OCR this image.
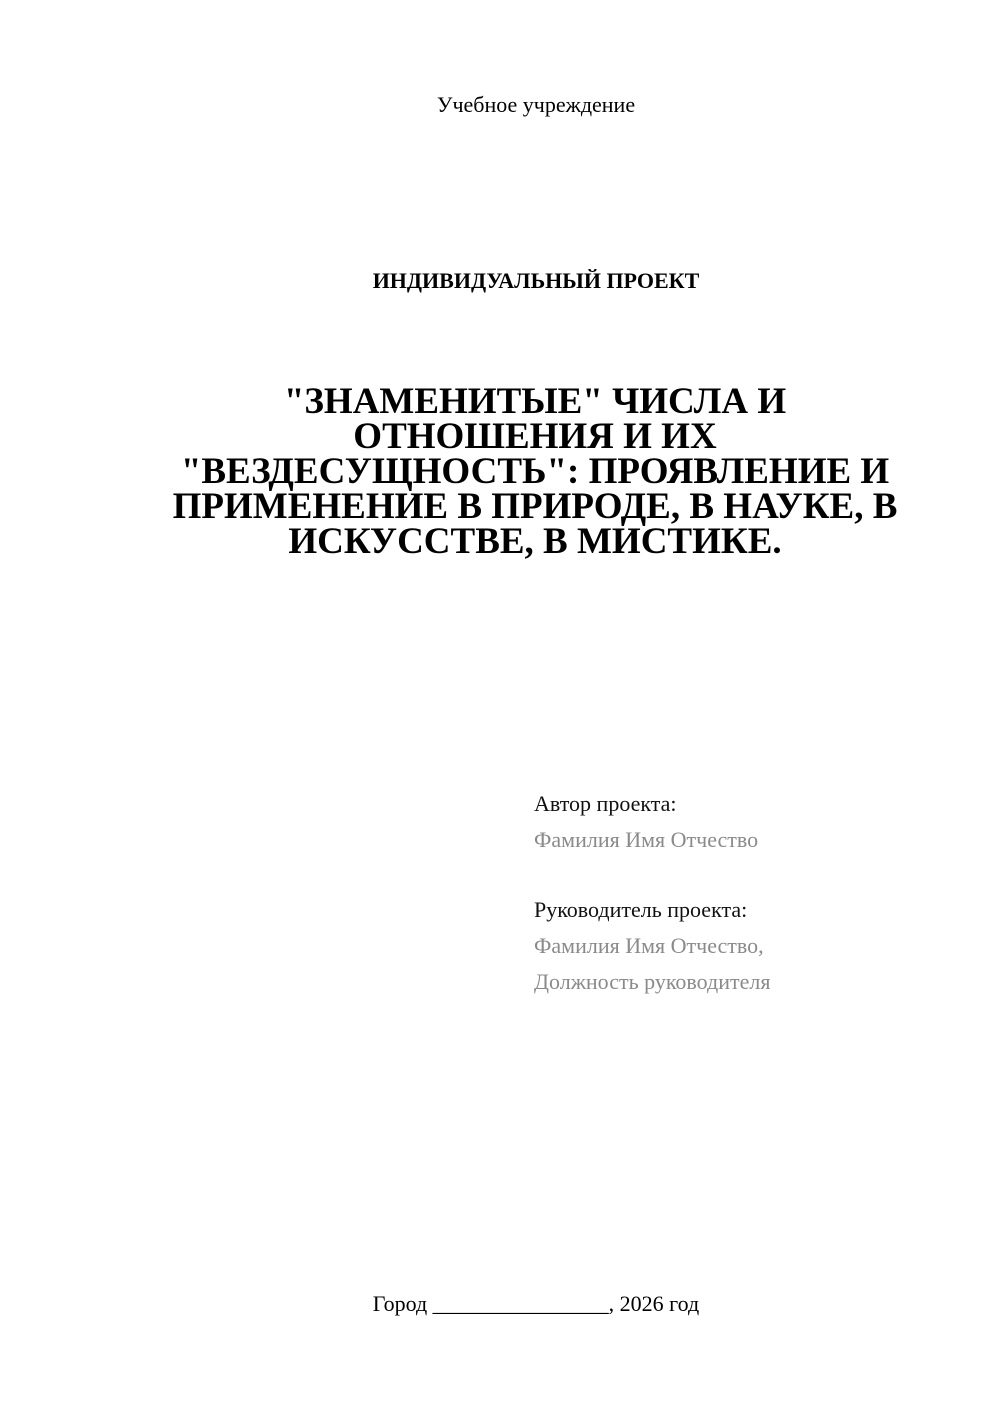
Учебное учреждение
ИНДИВИДУАЛЬНЫЙ ПРОЕКТ
"ЗНАМЕНИТЫЕ" ЧИСЛА И
ОТНОШЕНИЯ И ИХ
"ВЕЗДЕСУЩНОСТЬ": ПРОЯВЛЕНИЕ И
ПРИМЕНЕНИЕ В ПРИРОДЕ, В НАУКЕ, В
ИСКУССТВЕ, В МИСТИКЕ.
Автор проекта:
Фамилия Имя Отчество
Руководитель проекта:
Фамилия Имя Отчество,
Должность руководителя
Город ________________, 2026 год
